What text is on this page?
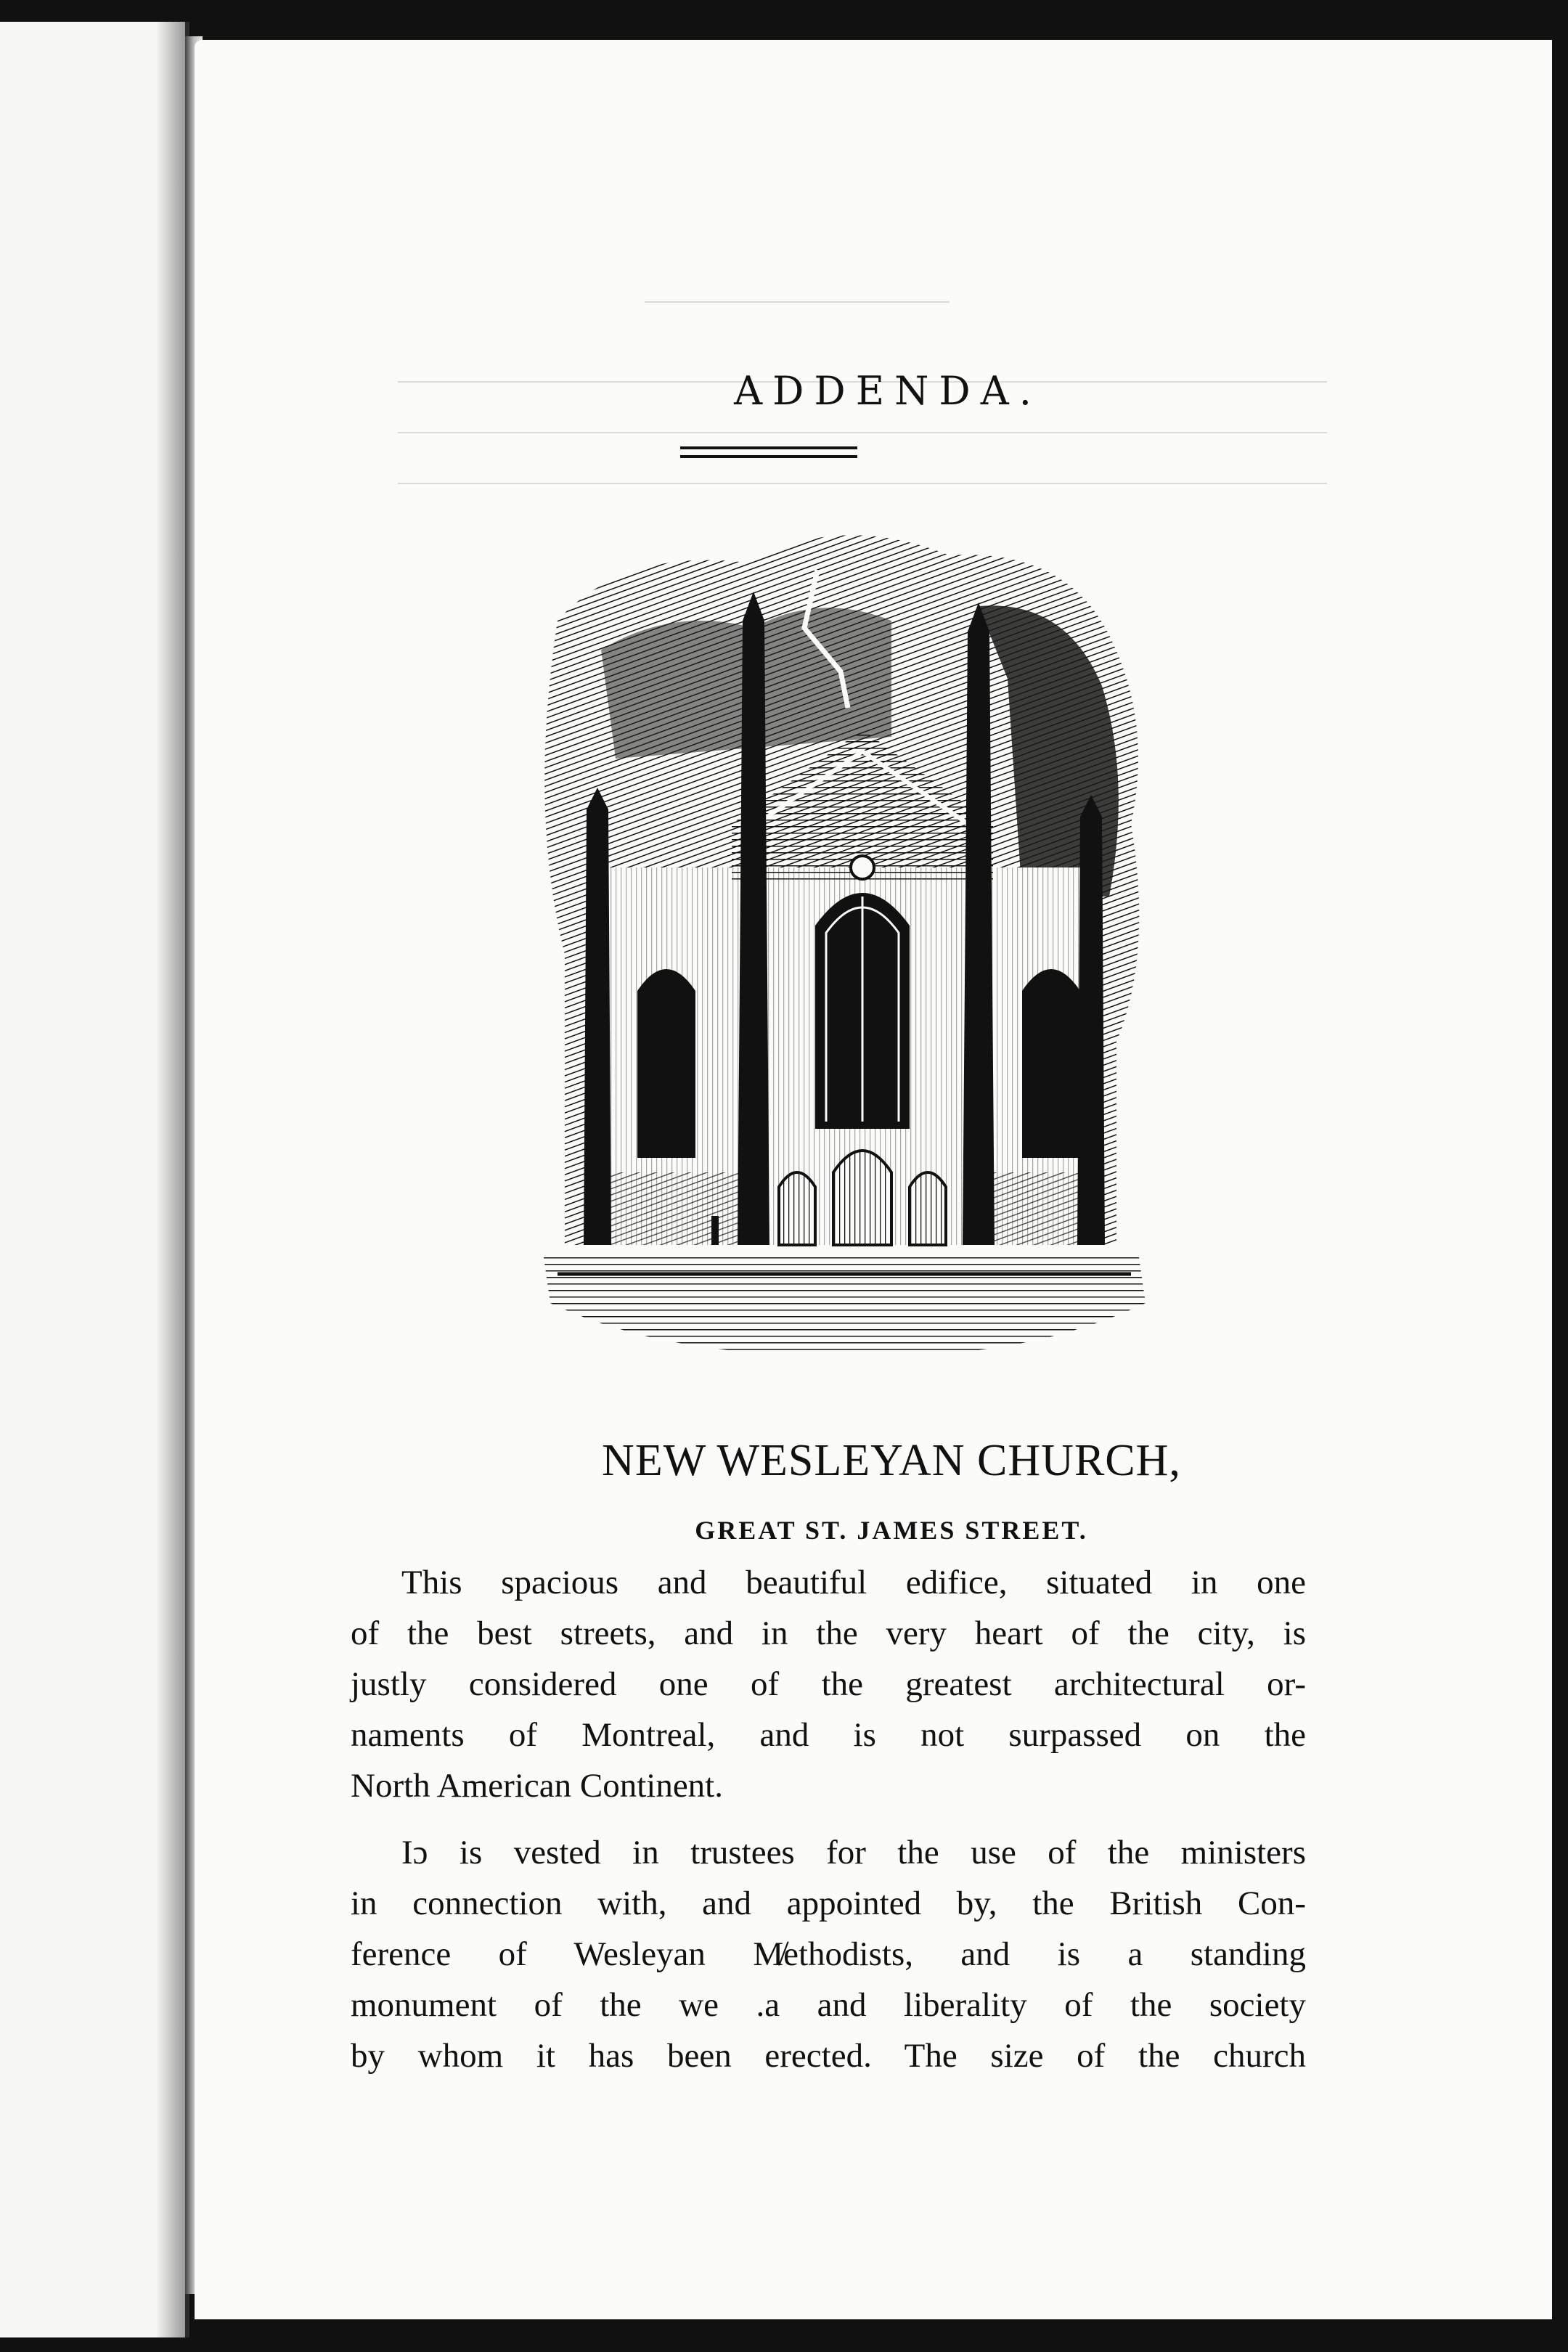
ADDENDA.
NEW WESLEYAN CHURCH,
GREAT ST. JAMES STREET.
This spacious and beautiful edifice, situated in one
of the best streets, and in the very heart of the city, is
justly considered one of the greatest architectural or-
naments of Montreal, and is not surpassed on the
North American Continent.
Iɔ is vested in trustees for the use of the ministers
in connection with, and appointed by, the British Con-
ference of Wesleyan M̸ethodists, and is a standing
monument of the we .a and liberality of the society
by whom it has been erected. The size of the church
